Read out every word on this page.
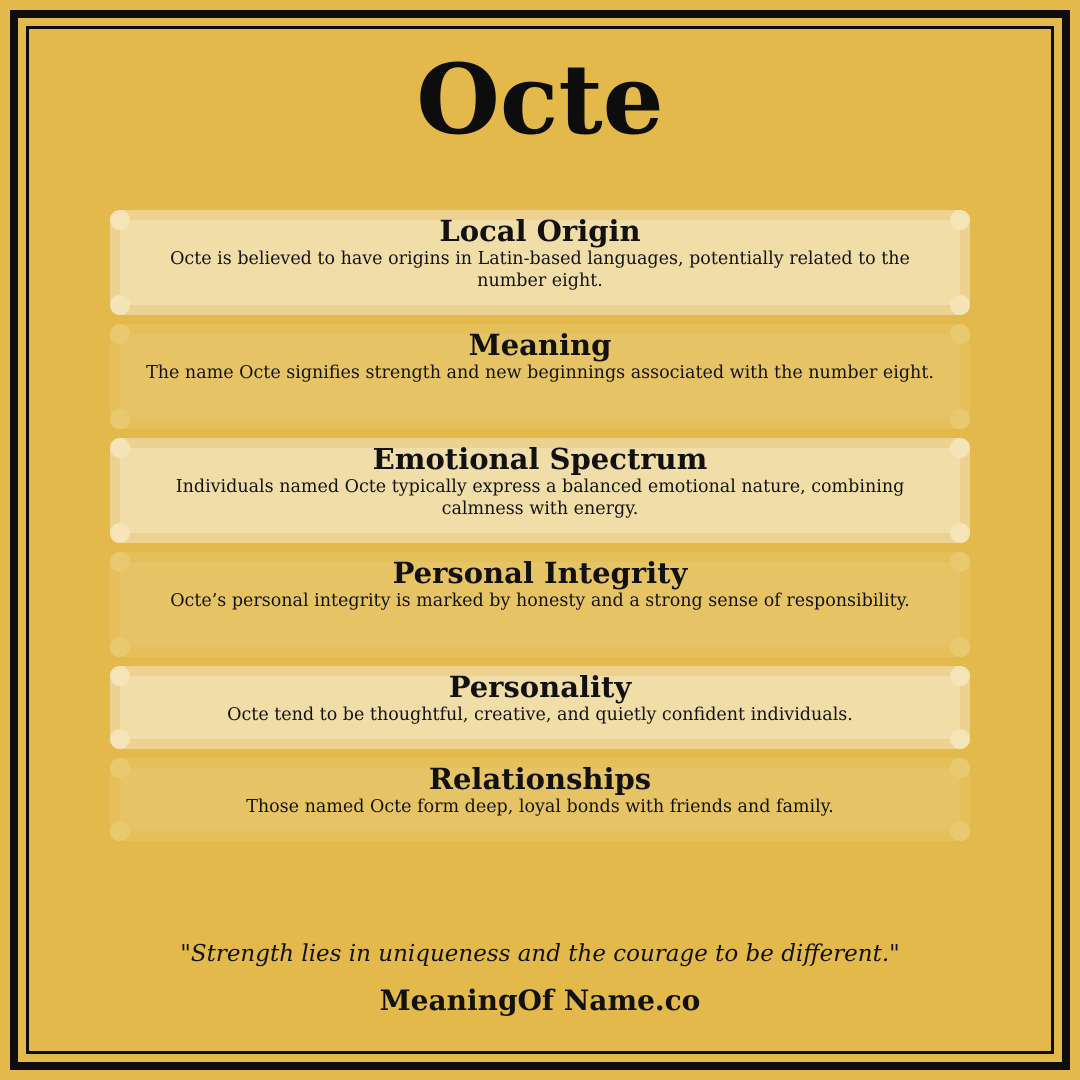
Octe
Local Origin

Octe is believed to have origins in Latin-based languages, potentially related to the number eight.

Meaning

The name Octe signifies strength and new beginnings associated with the number eight.

Emotional Spectrum

Individuals named Octe typically express a balanced emotional nature, combining calmness with energy.

Personal Integrity

Octe’s personal integrity is marked by honesty and a strong sense of responsibility.

Personality

Octe tend to be thoughtful, creative, and quietly confident individuals.

Relationships

Those named Octe form deep, loyal bonds with friends and family.

"Strength lies in uniqueness and the courage to be different."
MeaningOf Name.co
